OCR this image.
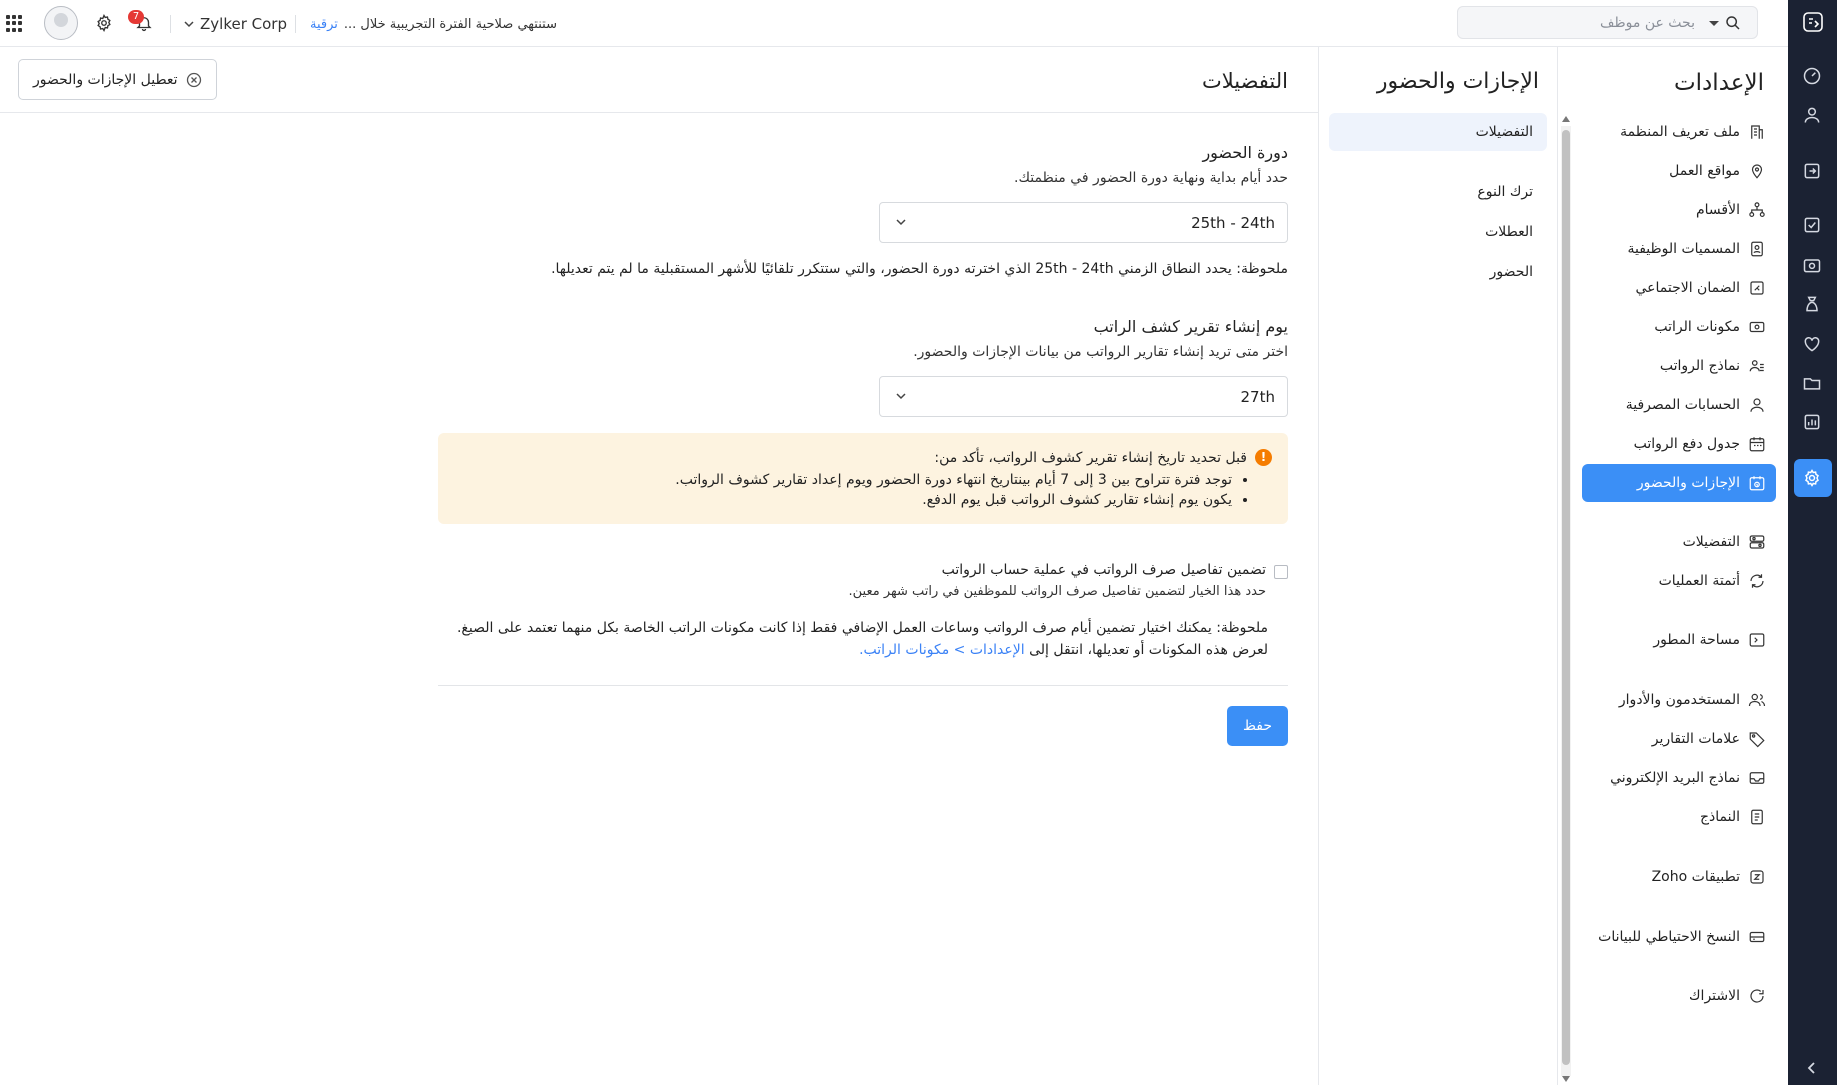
7	Zylker Corp	ستنتهي صلاحية الفترة التجريبية خلال ...
ترقية	بحث عن موظف
الإعدادات
ملف تعريف المنظمة
مواقع العمل
الأقسام
المسميات الوظيفية
الضمان الاجتماعي
مكونات الراتب
نماذج الرواتب
الحسابات المصرفية
جدول دفع الرواتب
الإجازات والحضور
التفضيلات
أتمتة العمليات
مساحة المطور
المستخدمون والأدوار
علامات التقارير
نماذج البريد الإلكتروني
النماذج
تطبيقات Zoho
النسخ الاحتياطي للبيانات
الاشتراك
الإجازات والحضور
التفضيلات
ترك النوع
العطلات
الحضور
التفضيلات
تعطيل الإجازات والحضور
دورة الحضور
حدد أيام بداية ونهاية دورة الحضور في منظمتك.
25th - 24th
ملحوظة: يحدد النطاق الزمني 25th - 24th الذي اخترته دورة الحضور، والتي ستتكرر تلقائيًا للأشهر المستقبلية ما لم يتم تعديلها.
يوم إنشاء تقرير كشف الراتب
اختر متى تريد إنشاء تقارير الرواتب من بيانات الإجازات والحضور.
27th
!
قبل تحديد تاريخ إنشاء تقرير كشوف الرواتب، تأكد من:
• توجد فترة تتراوح بين 3 إلى 7 أيام بينتاريخ انتهاء دورة الحضور ويوم إعداد تقارير كشوف الرواتب.
• يكون يوم إنشاء تقارير كشوف الرواتب قبل يوم الدفع.
تضمين تفاصيل صرف الرواتب في عملية حساب الرواتب
حدد هذا الخيار لتضمين تفاصيل صرف الرواتب للموظفين في راتب شهر معين.
ملحوظة: يمكنك اختيار تضمين أيام صرف الرواتب وساعات العمل الإضافي فقط إذا كانت مكونات الراتب الخاصة بكل منهما تعتمد على الصيغ.
لعرض هذه المكونات أو تعديلها، انتقل إلى الإعدادات > مكونات الراتب.
حفظ
